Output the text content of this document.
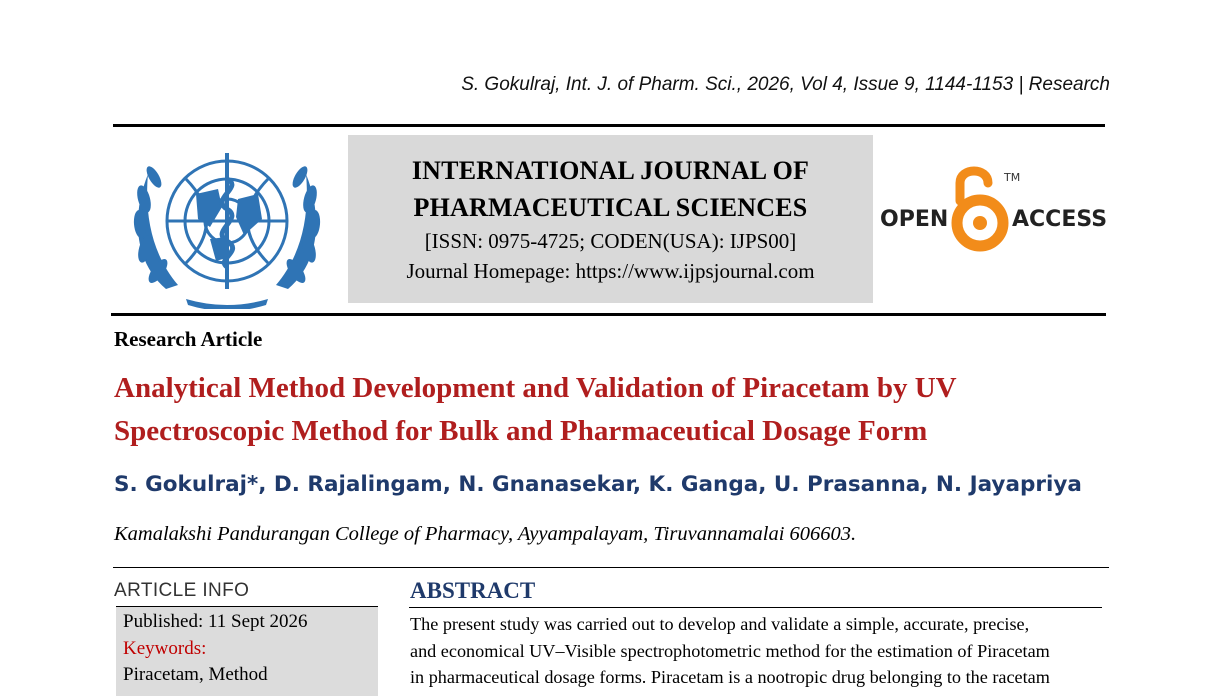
S. Gokulraj, Int. J. of Pharm. Sci., 2026, Vol 4, Issue 9, 1144-1153 | Research
INTERNATIONAL JOURNAL OF
PHARMACEUTICAL SCIENCES
[ISSN: 0975-4725; CODEN(USA): IJPS00]
Journal Homepage: https://www.ijpsjournal.com
OPEN	ACCESS
TM
Research Article
Analytical Method Development and Validation of Piracetam by UV
Spectroscopic Method for Bulk and Pharmaceutical Dosage Form
S. Gokulraj*, D. Rajalingam, N. Gnanasekar, K. Ganga, U. Prasanna, N. Jayapriya
Kamalakshi Pandurangan College of Pharmacy, Ayyampalayam, Tiruvannamalai 606603.
ARTICLE INFO
Published: 11 Sept 2026
Keywords:
Piracetam, Method
ABSTRACT
The present study was carried out to develop and validate a simple, accurate, precise,
and economical UV–Visible spectrophotometric method for the estimation of Piracetam
in pharmaceutical dosage forms. Piracetam is a nootropic drug belonging to the racetam
